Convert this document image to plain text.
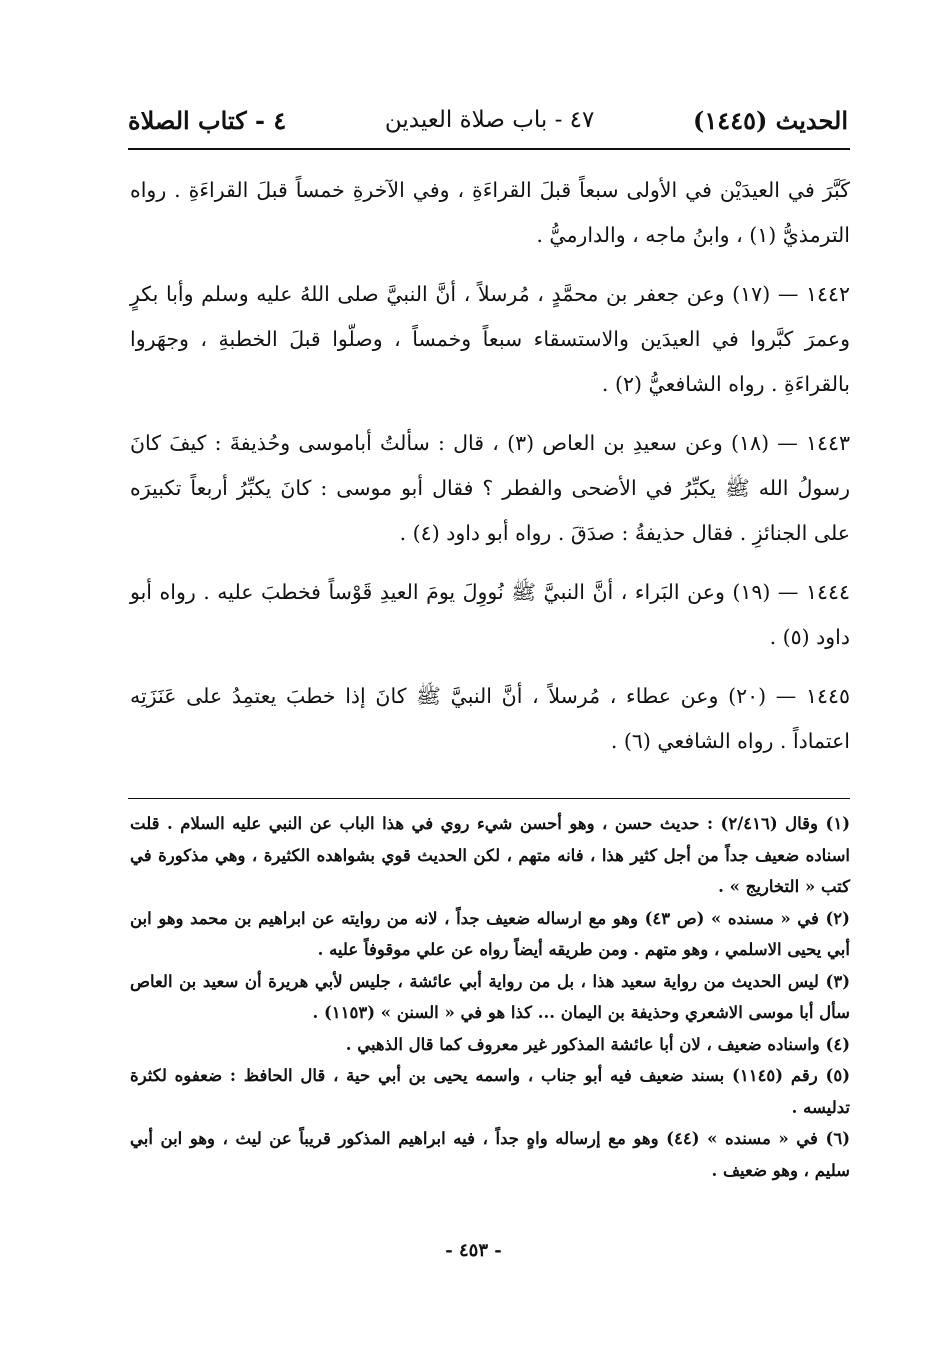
٤ - كتاب الصلاة	٤٧ - باب صلاة العيدين	الحديث (١٤٤٥)

كَبَّرَ في العيدَيْن في الأولى سبعاً قبلَ القراءَةِ ، وفي الآخرةِ خمساً قبلَ القراءَةِ . رواه الترمذيُّ (١) ، وابنُ ماجه ، والدارميُّ .

١٤٤٢ — (١٧) وعن جعفر بن محمَّدٍ ، مُرسلاً ، أنَّ النبيَّ صلى اللهُ عليه وسلم وأبا بكرٍ وعمرَ كبَّروا في العيدَين والاستسقاء سبعاً وخمساً ، وصلّوا قبلَ الخطبةِ ، وجهَروا بالقراءَةِ . رواه الشافعيُّ (٢) .

١٤٤٣ — (١٨) وعن سعيدِ بن العاص (٣) ، قال : سألتُ أباموسى وحُذيفةَ : كيفَ كانَ رسولُ الله ﷺ يكبِّرُ في الأضحى والفطر ؟ فقال أبو موسى : كانَ يكبِّرُ أربعاً تكبيرَه على الجنائزِ . فقال حذيفةُ : صدَقَ . رواه أبو داود (٤) .

١٤٤٤ — (١٩) وعن البَراء ، أنَّ النبيَّ ﷺ نُووِلَ يومَ العيدِ قَوْساً فخطبَ عليه . رواه أبو داود (٥) .

١٤٤٥ — (٢٠) وعن عطاء ، مُرسلاً ، أنَّ النبيَّ ﷺ كانَ إذا خطبَ يعتمِدُ على عَنَزَتِه اعتماداً . رواه الشافعي (٦) .

(١) وقال (٢/٤١٦) : حديث حسن ، وهو أحسن شيء روي في هذا الباب عن النبي عليه السلام . قلت اسناده ضعيف جداً من أجل كثير هذا ، فانه متهم ، لكن الحديث قوي بشواهده الكثيرة ، وهي مذكورة في كتب « التخاريج » .

(٢) في « مسنده » (ص ٤٣) وهو مع ارساله ضعيف جداً ، لانه من روايته عن ابراهيم بن محمد وهو ابن أبي يحيى الاسلمي ، وهو متهم . ومن طريقه أيضاً رواه عن علي موقوفاً عليه .

(٣) ليس الحديث من رواية سعيد هذا ، بل من رواية أبي عائشة ، جليس لأبي هريرة أن سعيد بن العاص سأل أبا موسى الاشعري وحذيفة بن اليمان ... كذا هو في « السنن » (١١٥٣) .

(٤) واسناده ضعيف ، لان أبا عائشة المذكور غير معروف كما قال الذهبي .

(٥) رقم (١١٤٥) بسند ضعيف فيه أبو جناب ، واسمه يحيى بن أبي حية ، قال الحافظ : ضعفوه لكثرة تدليسه .

(٦) في « مسنده » (٤٤) وهو مع إرساله واهٍ جداً ، فيه ابراهيم المذكور قريباً عن ليث ، وهو ابن أبي سليم ، وهو ضعيف .

- ٤٥٣ -
